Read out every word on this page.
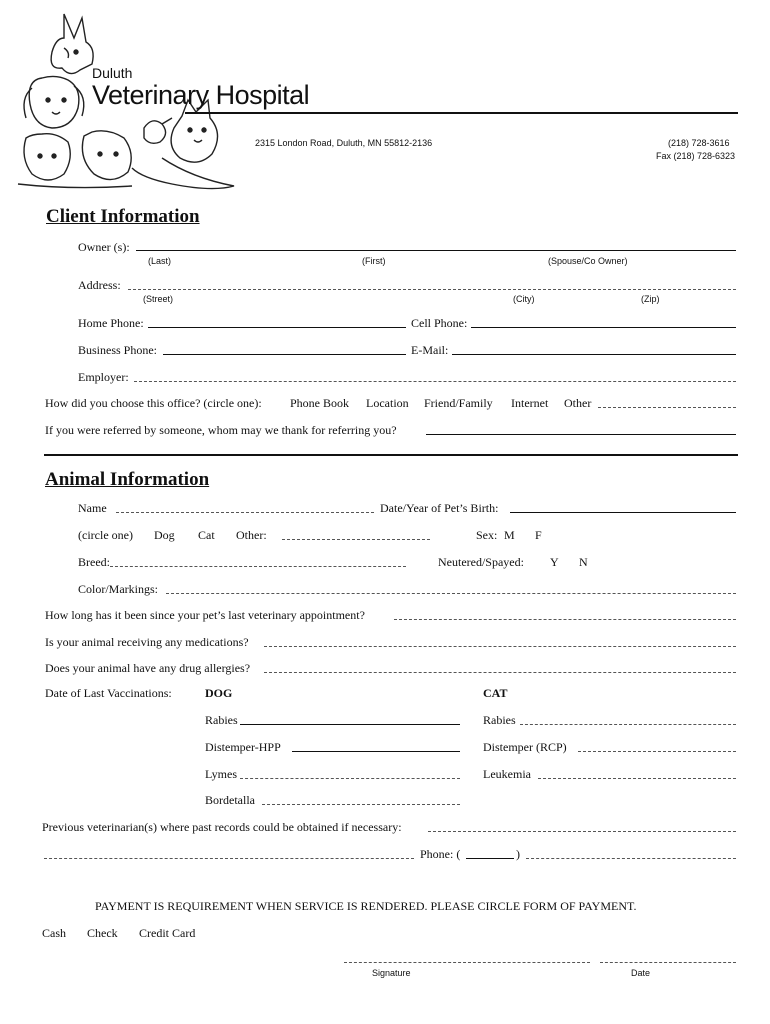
Duluth
Veterinary Hospital
2315 London Road, Duluth, MN 55812-2136	(218) 728-3616
Fax (218) 728-6323
Client Information
Owner (s):
(Last)	(First)	(Spouse/Co Owner)
Address:
(Street)	(City)	(Zip)
Home Phone:	Cell Phone:
Business Phone:	E-Mail:
Employer:
How did you choose this office? (circle one): Phone Book Location Friend/Family Internet Other
If you were referred by someone, whom may we thank for referring you?
Animal Information
Name	Date/Year of Pet’s Birth:
(circle one) Dog Cat Other:	Sex: M F
Breed:	Neutered/Spayed: Y N
Color/Markings:
How long has it been since your pet’s last veterinary appointment?
Is your animal receiving any medications?
Does your animal have any drug allergies?
Date of Last Vaccinations:	DOG	CAT
Rabies	Rabies
Distemper-HPP	Distemper (RCP)
Lymes	Leukemia
Bordetalla
Previous veterinarian(s) where past records could be obtained if necessary:
Phone: (	)
PAYMENT IS REQUIREMENT WHEN SERVICE IS RENDERED. PLEASE CIRCLE FORM OF PAYMENT.
Cash Check Credit Card
Signature	Date
